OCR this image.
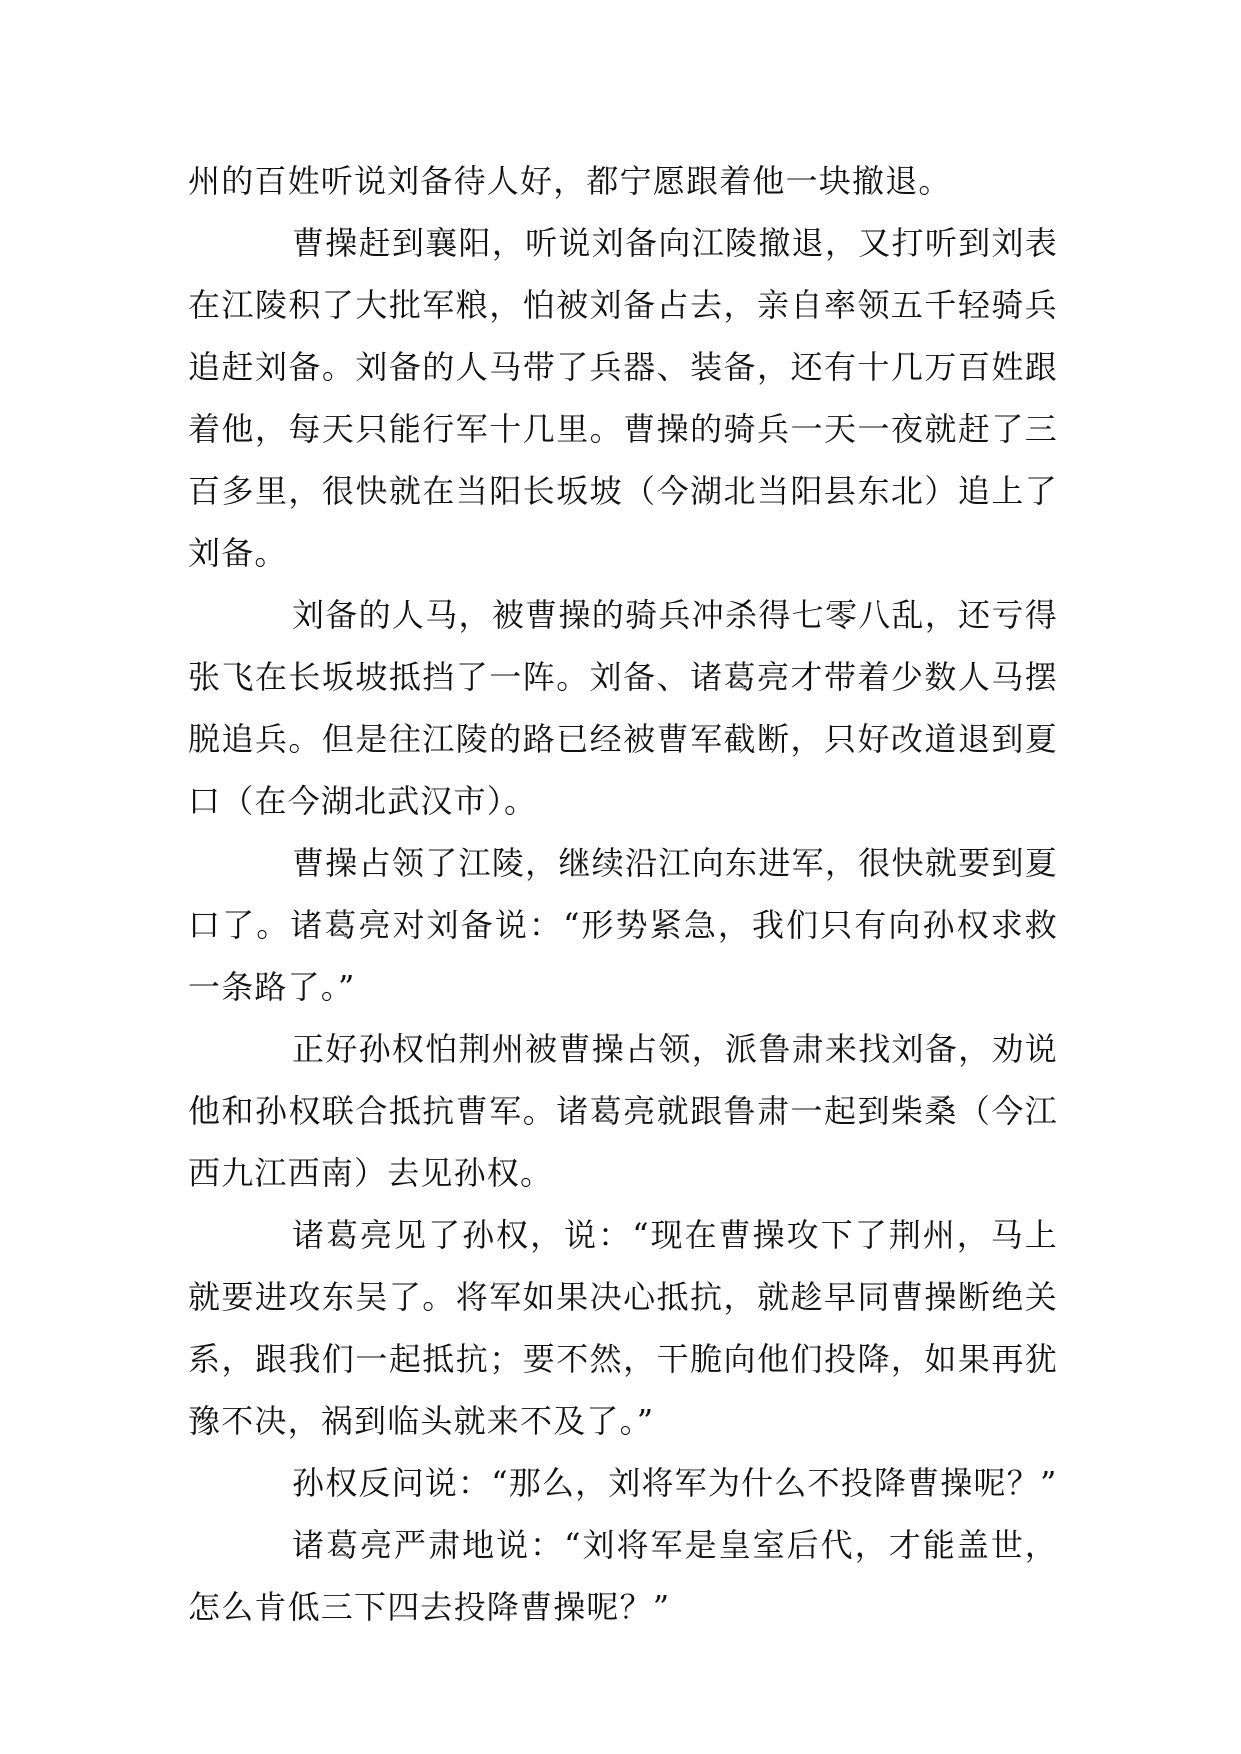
州的百姓听说刘备待人好，都宁愿跟着他一块撤退。

曹操赶到襄阳，听说刘备向江陵撤退，又打听到刘表在江陵积了大批军粮，怕被刘备占去，亲自率领五千轻骑兵追赶刘备。刘备的人马带了兵器、装备，还有十几万百姓跟着他，每天只能行军十几里。曹操的骑兵一天一夜就赶了三百多里，很快就在当阳长坂坡（今湖北当阳县东北）追上了刘备。

刘备的人马，被曹操的骑兵冲杀得七零八乱，还亏得张飞在长坂坡抵挡了一阵。刘备、诸葛亮才带着少数人马摆脱追兵。但是往江陵的路已经被曹军截断，只好改道退到夏口（在今湖北武汉市）。

曹操占领了江陵，继续沿江向东进军，很快就要到夏口了。诸葛亮对刘备说：“形势紧急，我们只有向孙权求救一条路了。”

正好孙权怕荆州被曹操占领，派鲁肃来找刘备，劝说他和孙权联合抵抗曹军。诸葛亮就跟鲁肃一起到柴桑（今江西九江西南）去见孙权。

诸葛亮见了孙权，说：“现在曹操攻下了荆州，马上就要进攻东吴了。将军如果决心抵抗，就趁早同曹操断绝关系，跟我们一起抵抗；要不然，干脆向他们投降，如果再犹豫不决，祸到临头就来不及了。”

孙权反问说：“那么，刘将军为什么不投降曹操呢？”

诸葛亮严肃地说：“刘将军是皇室后代，才能盖世，怎么肯低三下四去投降曹操呢？”
